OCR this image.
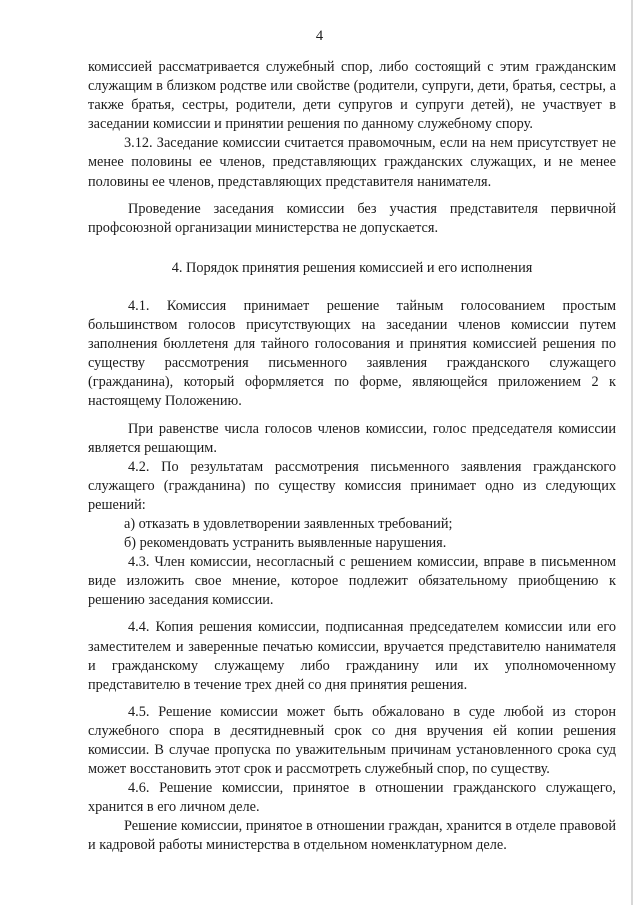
4

комиссией рассматривается служебный спор, либо состоящий с этим гражданским служащим в близком родстве или свойстве (родители, супруги, дети, братья, сестры, а также братья, сестры, родители, дети супругов и супруги детей), не участвует в заседании комиссии и принятии решения по данному служебному спору.

3.12. Заседание комиссии считается правомочным, если на нем присутствует не менее половины ее членов, представляющих гражданских служащих, и не менее половины ее членов, представляющих представителя нанимателя.

Проведение заседания комиссии без участия представителя первичной профсоюзной организации министерства не допускается.

4. Порядок принятия решения комиссией и его исполнения

4.1. Комиссия принимает решение тайным голосованием простым большинством голосов присутствующих на заседании членов комиссии путем заполнения бюллетеня для тайного голосования и принятия комиссией решения по существу рассмотрения письменного заявления гражданского служащего (гражданина), который оформляется по форме, являющейся приложением 2 к настоящему Положению.

При равенстве числа голосов членов комиссии, голос председателя комиссии является решающим.

4.2. По результатам рассмотрения письменного заявления гражданского служащего (гражданина) по существу комиссия принимает одно из следующих решений:

а) отказать в удовлетворении заявленных требований;

б) рекомендовать устранить выявленные нарушения.

4.3. Член комиссии, несогласный с решением комиссии, вправе в письменном виде изложить свое мнение, которое подлежит обязательному приобщению к решению заседания комиссии.

4.4. Копия решения комиссии, подписанная председателем комиссии или его заместителем и заверенные печатью комиссии, вручается представителю нанимателя и гражданскому служащему либо гражданину или их уполномоченному представителю в течение трех дней со дня принятия решения.

4.5. Решение комиссии может быть обжаловано в суде любой из сторон служебного спора в десятидневный срок со дня вручения ей копии решения комиссии. В случае пропуска по уважительным причинам установленного срока суд может восстановить этот срок и рассмотреть служебный спор, по существу.

4.6. Решение комиссии, принятое в отношении гражданского служащего, хранится в его личном деле.

Решение комиссии, принятое в отношении граждан, хранится в отделе правовой и кадровой работы министерства в отдельном номенклатурном деле.
